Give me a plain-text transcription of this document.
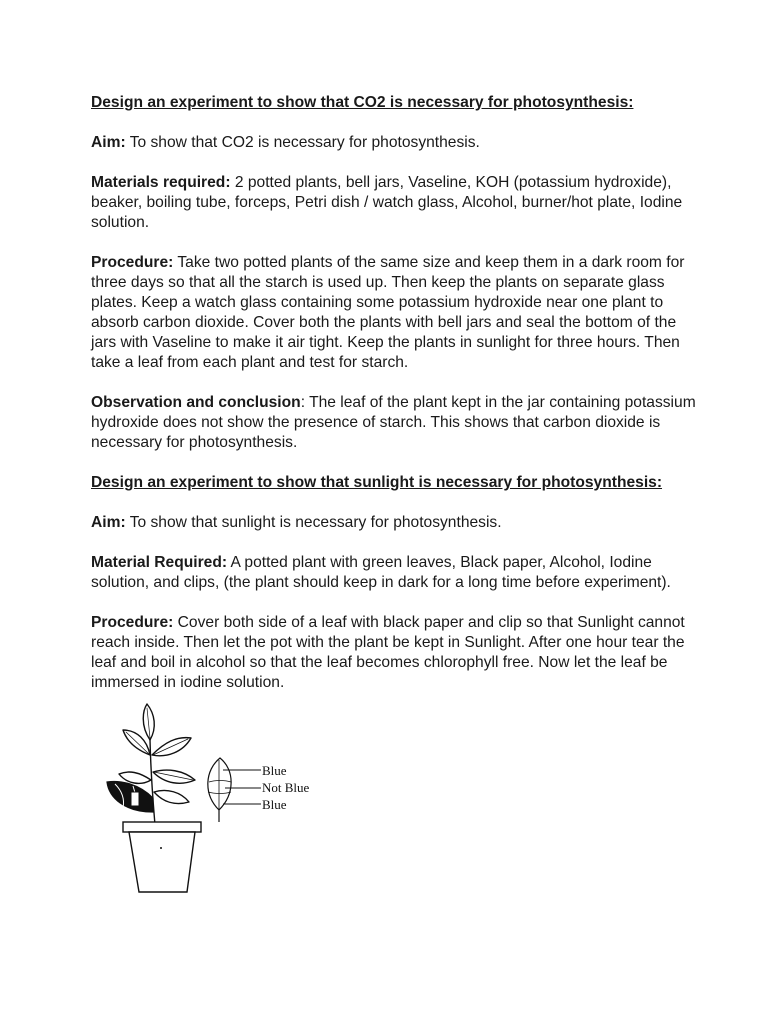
Design an experiment to show that CO2 is necessary for photosynthesis:

Aim: To show that CO2 is necessary for photosynthesis.

Materials required: 2 potted plants, bell jars, Vaseline, KOH (potassium hydroxide), beaker, boiling tube, forceps, Petri dish / watch glass, Alcohol, burner/hot plate, Iodine solution.

Procedure: Take two potted plants of the same size and keep them in a dark room for three days so that all the starch is used up. Then keep the plants on separate glass plates. Keep a watch glass containing some potassium hydroxide near one plant to absorb carbon dioxide. Cover both the plants with bell jars and seal the bottom of the jars with Vaseline to make it air tight. Keep the plants in sunlight for three hours. Then take a leaf from each plant and test for starch.

Observation and conclusion: The leaf of the plant kept in the jar containing potassium hydroxide does not show the presence of starch. This shows that carbon dioxide is necessary for photosynthesis.

Design an experiment to show that sunlight is necessary for photosynthesis:

Aim: To show that sunlight is necessary for photosynthesis.

Material Required: A potted plant with green leaves, Black paper, Alcohol, Iodine solution, and clips, (the plant should keep in dark for a long time before experiment).

Procedure: Cover both side of a leaf with black paper and clip so that Sunlight cannot reach inside. Then let the pot with the plant be kept in Sunlight. After one hour tear the leaf and boil in alcohol so that the leaf becomes chlorophyll free. Now let the leaf be immersed in iodine solution.

Blue
Not Blue
Blue
